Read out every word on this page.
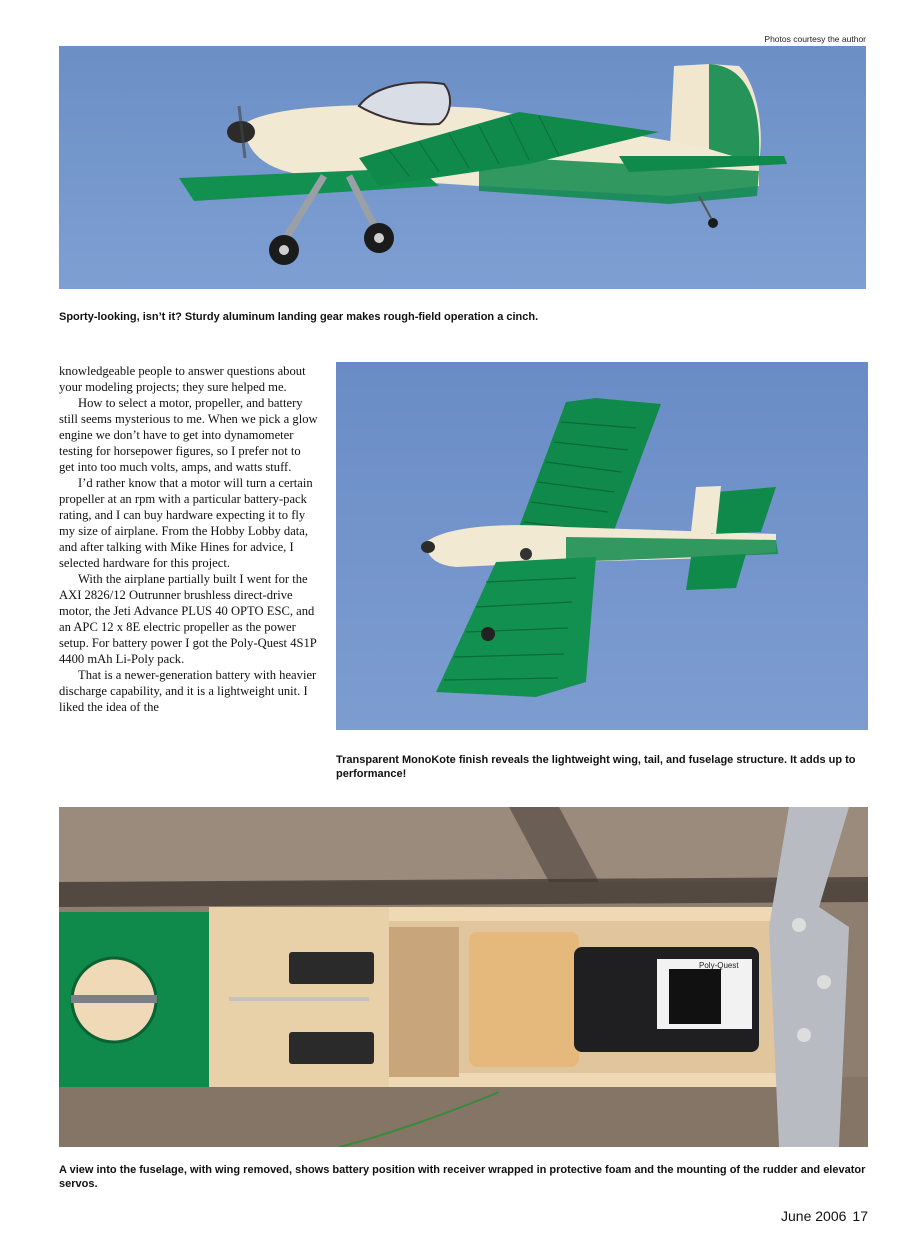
Photos courtesy the author
Sporty-looking, isn’t it? Sturdy aluminum landing gear makes rough-field operation a cinch.

knowledgeable people to answer questions about your modeling projects; they sure helped me.

How to select a motor, propeller, and battery still seems mysterious to me. When we pick a glow engine we don’t have to get into dynamometer testing for horsepower figures, so I prefer not to get into too much volts, amps, and watts stuff.

I’d rather know that a motor will turn a certain propeller at an rpm with a particular battery-pack rating, and I can buy hardware expecting it to fly my size of airplane. From the Hobby Lobby data, and after talking with Mike Hines for advice, I selected hardware for this project.

With the airplane partially built I went for the AXI 2826/12 Outrunner brushless direct-drive motor, the Jeti Advance PLUS 40 OPTO ESC, and an APC 12 x 8E electric propeller as the power setup. For battery power I got the Poly-Quest 4S1P 4400 mAh Li-Poly pack.

That is a newer-generation battery with heavier discharge capability, and it is a lightweight unit. I liked the idea of the

Transparent MonoKote finish reveals the lightweight wing, tail, and fuselage structure. It adds up to performance!
Poly-Quest
A view into the fuselage, with wing removed, shows battery position with receiver wrapped in protective foam and the mounting of the rudder and elevator servos.
June 2006 17
